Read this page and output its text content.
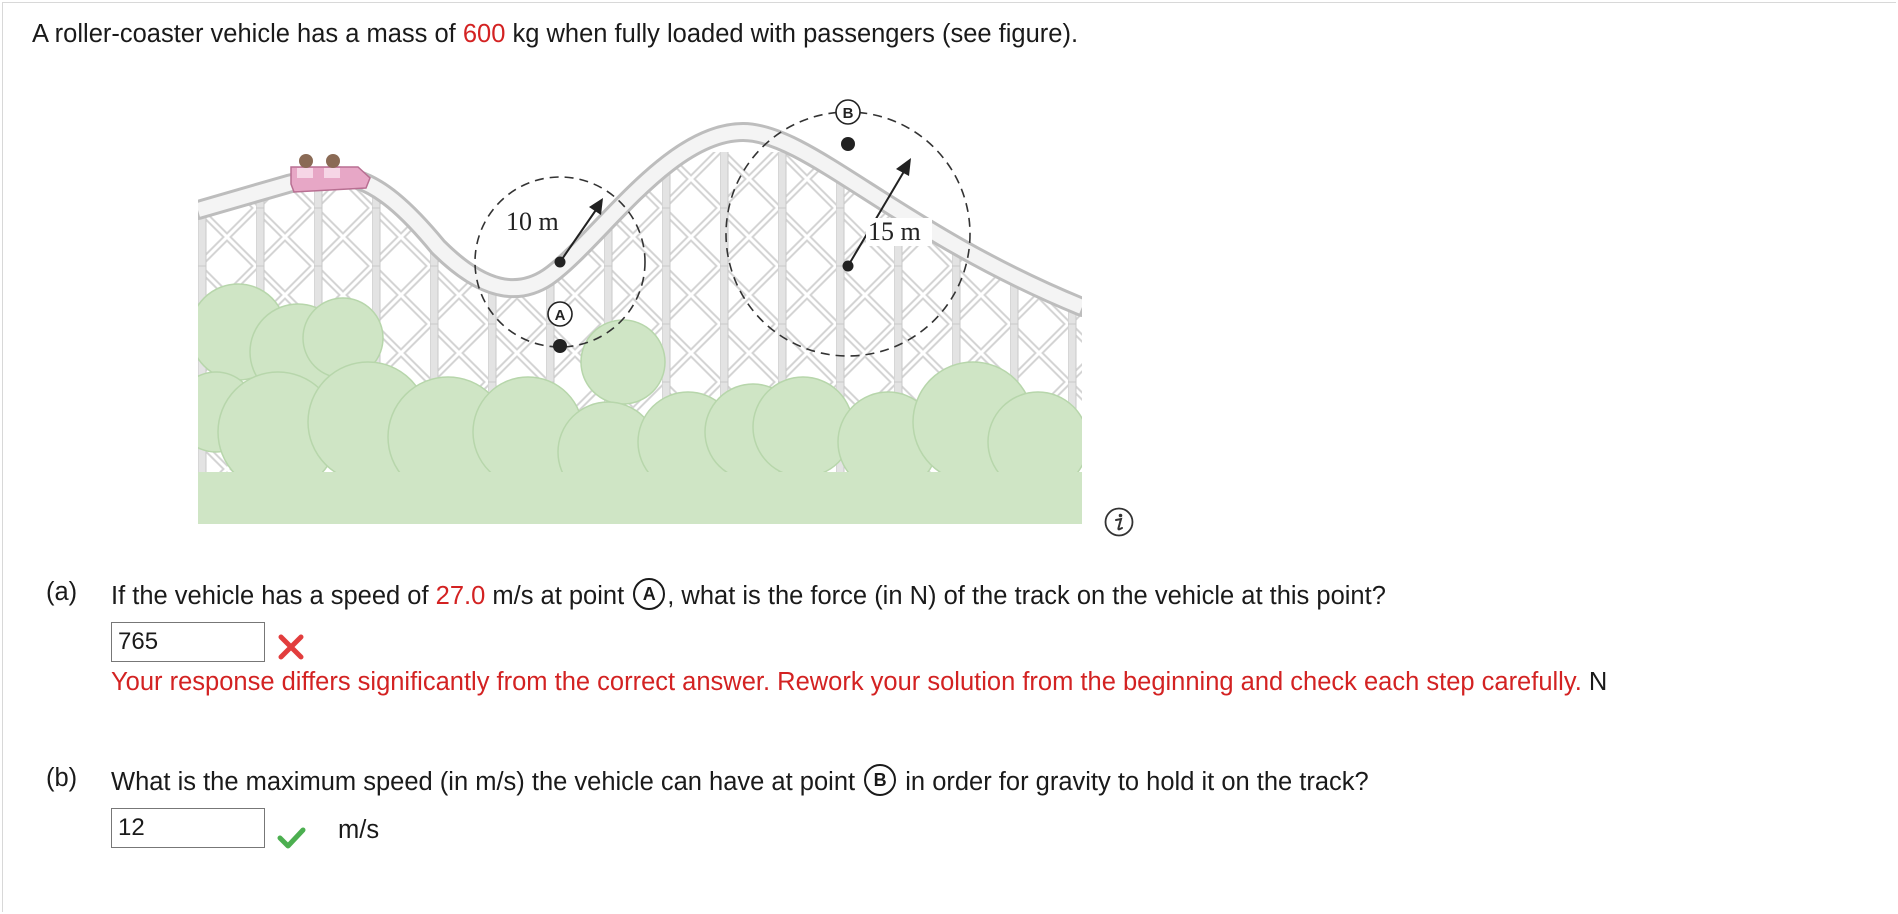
A roller-coaster vehicle has a mass of 600 kg when fully loaded with passengers (see figure).
10 m	15 m
A
B
(a) If the vehicle has a speed of 27.0 m/s at point A , what is the force (in N) of the track on the vehicle at this point?
765
Your response differs significantly from the correct answer. Rework your solution from the beginning and check each step carefully. N
(b) What is the maximum speed (in m/s) the vehicle can have at point B in order for gravity to hold it on the track?
12
m/s
